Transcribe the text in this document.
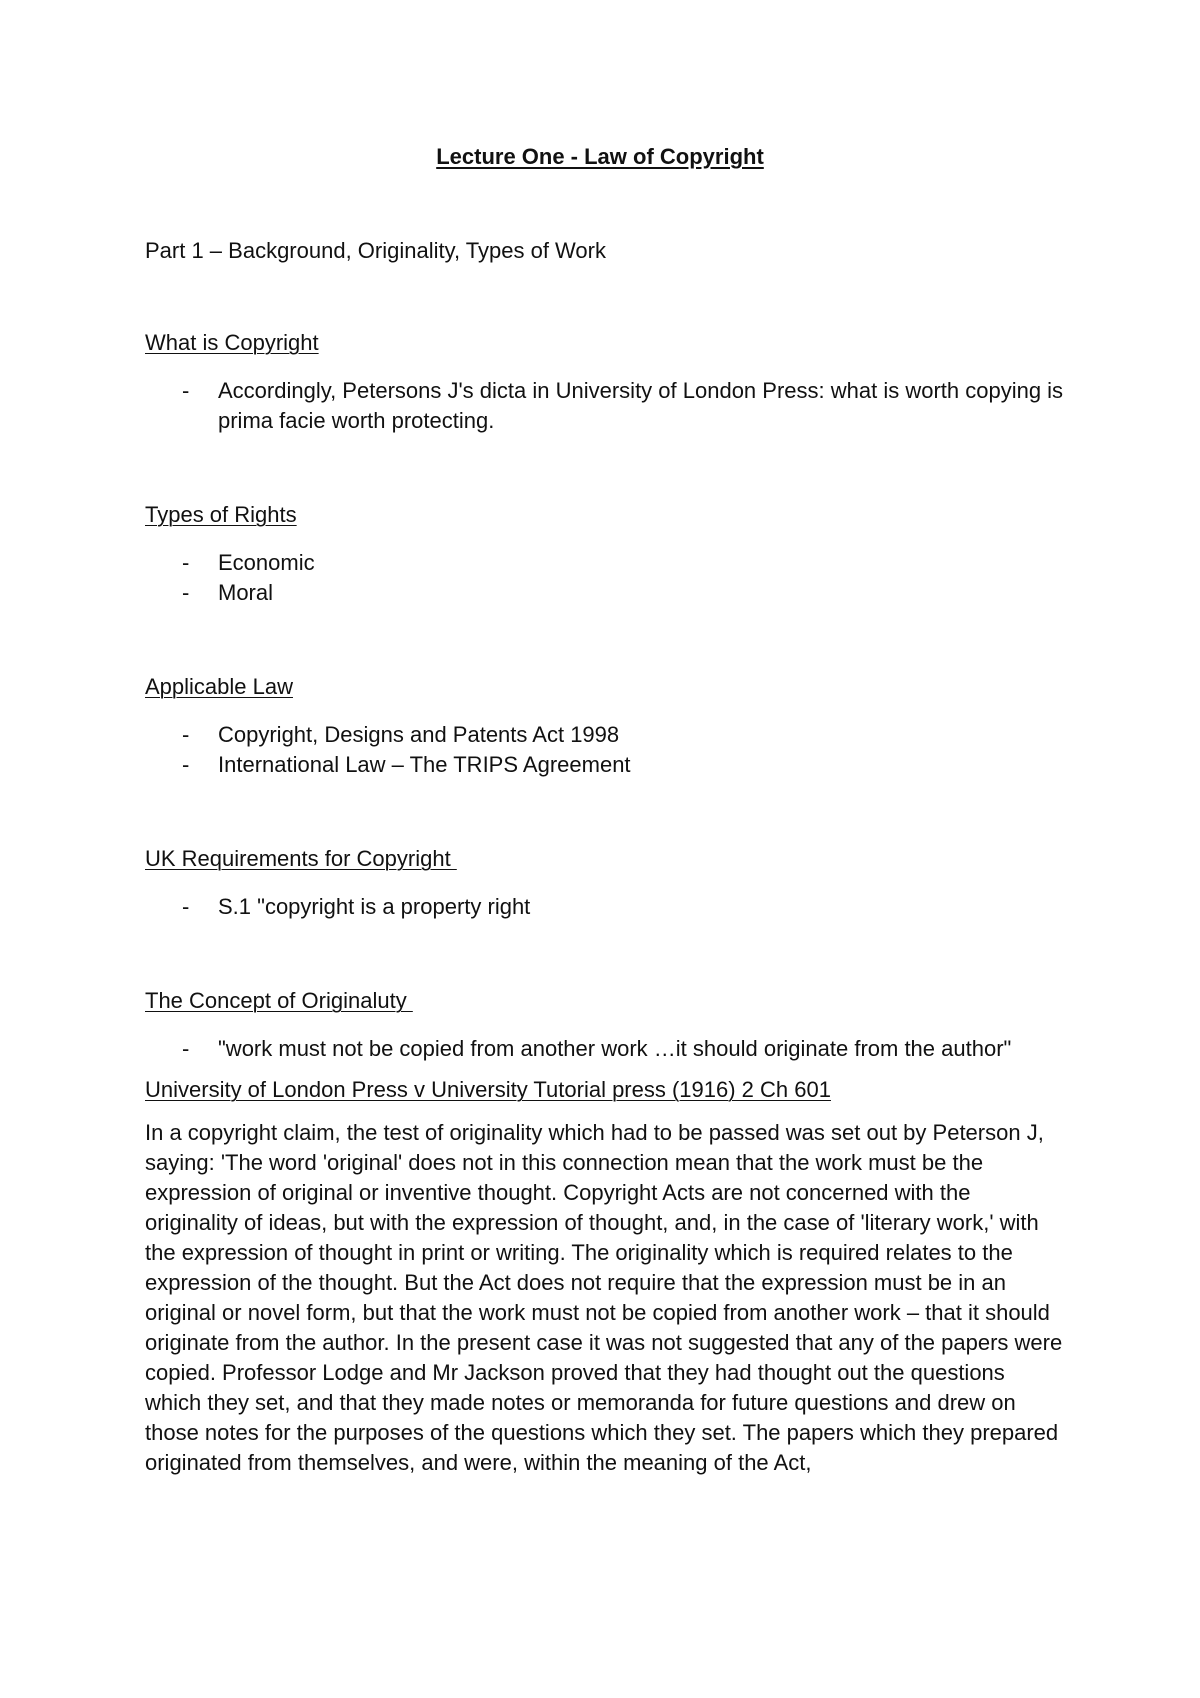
Lecture One - Law of Copyright

Part 1 – Background, Originality, Types of Work

What is Copyright

- Accordingly, Petersons J's dicta in University of London Press: what is worth copying is prima facie worth protecting.

Types of Rights

- Economic
- Moral

Applicable Law

- Copyright, Designs and Patents Act 1998
- International Law – The TRIPS Agreement

UK Requirements for Copyright

- S.1 "copyright is a property right

The Concept of Originaluty

- "work must not be copied from another work …it should originate from the author"

University of London Press v University Tutorial press (1916) 2 Ch 601

In a copyright claim, the test of originality which had to be passed was set out by Peterson J, saying: 'The word 'original' does not in this connection mean that the work must be the expression of original or inventive thought. Copyright Acts are not concerned with the originality of ideas, but with the expression of thought, and, in the case of 'literary work,' with the expression of thought in print or writing. The originality which is required relates to the expression of the thought. But the Act does not require that the expression must be in an original or novel form, but that the work must not be copied from another work – that it should originate from the author. In the present case it was not suggested that any of the papers were copied. Professor Lodge and Mr Jackson proved that they had thought out the questions which they set, and that they made notes or memoranda for future questions and drew on those notes for the purposes of the questions which they set. The papers which they prepared originated from themselves, and were, within the meaning of the Act,
